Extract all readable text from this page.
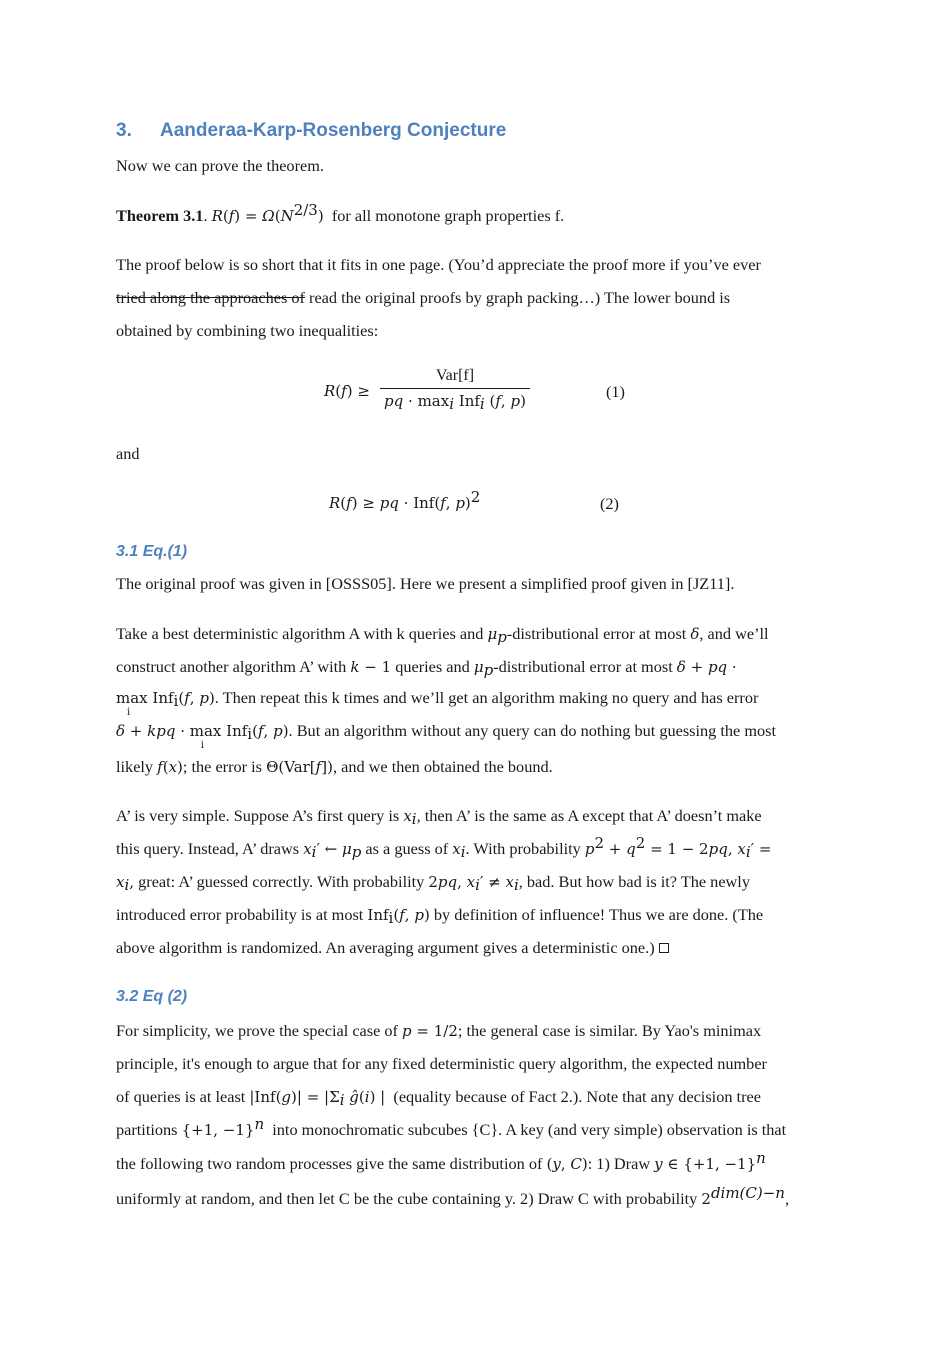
3. Aanderaa-Karp-Rosenberg Conjecture
Now we can prove the theorem.
Theorem 3.1. $R(f) = \Omega(N^{2/3})$ for all monotone graph properties f.
The proof below is so short that it fits in one page. (You’d appreciate the proof more if you’ve ever
tried along the approaches of read the original proofs by graph packing…) The lower bound is
obtained by combining two inequalities:
R(f) ≥
Var[f]
pq · $\max_i Inf_i$ (f, p)	(1)
and
R(f) ≥ pq · Inf(f, p)$^2$	(2)
3.1 Eq.(1)
The original proof was given in [OSSS05]. Here we present a simplified proof given in [JZ11].
Take a best deterministic algorithm A with k queries and $\mu_p$-distributional error at most δ, and we’ll
construct another algorithm A’ with k − 1 queries and $\mu_p$-distributional error at most δ + pq ·
max
i
Inf$_i$(f, p). Then repeat this k times and we’ll get an algorithm making no query and has error
δ + kpq · max
i
Inf$_i$(f, p). But an algorithm without any query can do nothing but guessing the most
likely f(x); the error is Θ(Var[f]), and we then obtained the bound.
A’ is very simple. Suppose A’s first query is $x_i$, then A’ is the same as A except that A’ doesn’t make
this query. Instead, A’ draws $x_i'$ ← $\mu_p$ as a guess of $x_i$. With probability $p^2 + q^2 = 1 - 2pq$, $x_i'$ =
$x_i$, great: A’ guessed correctly. With probability 2pq, $x_i' \ne x_i$, bad. But how bad is it? The newly
introduced error probability is at most Inf$_i$(f, p) by definition of influence! Thus we are done. (The
above algorithm is randomized. An averaging argument gives a deterministic one.)
3.2 Eq (2)
For simplicity, we prove the special case of p = 1/2; the general case is similar. By Yao's minimax
principle, it's enough to argue that for any fixed deterministic query algorithm, the expected number
of queries is at least $|Inf(g)| = |\Sigma_i$ ĝ(i) |  (equality because of Fact 2.). Note that any decision tree
partitions {+1, −1}$^n$  into monochromatic subcubes {C}. A key (and very simple) observation is that
the following two random processes give the same distribution of (y, C): 1) Draw y ∈ {+1, −1}$^n$
uniformly at random, and then let C be the cube containing y. 2) Draw C with probability $2^{dim(C)-n}$,
